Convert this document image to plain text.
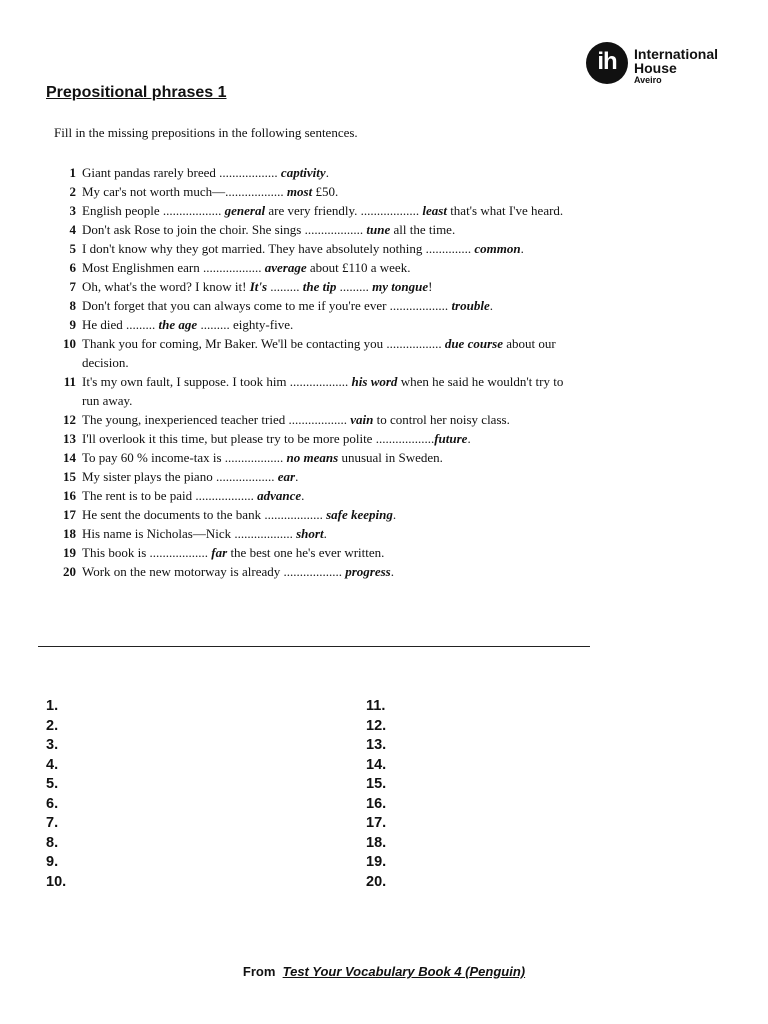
ih	International
House
Aveiro
Prepositional phrases 1

Fill in the missing prepositions in the following sentences.

1 Giant pandas rarely breed .................. captivity.
2 My car's not worth much—.................. most £50.
3 English people .................. general are very friendly. .................. least that's what I've heard.
4 Don't ask Rose to join the choir. She sings .................. tune all the time.
5 I don't know why they got married. They have absolutely nothing .............. common.
6 Most Englishmen earn .................. average about £110 a week.
7 Oh, what's the word? I know it! It's ......... the tip ......... my tongue!
8 Don't forget that you can always come to me if you're ever .................. trouble.
9 He died ......... the age ......... eighty-five.
10 Thank you for coming, Mr Baker. We'll be contacting you ................. due course about our decision.
11 It's my own fault, I suppose. I took him .................. his word when he said he wouldn't try to run away.
12 The young, inexperienced teacher tried .................. vain to control her noisy class.
13 I'll overlook it this time, but please try to be more polite ..................future.
14 To pay 60 % income-tax is .................. no means unusual in Sweden.
15 My sister plays the piano .................. ear.
16 The rent is to be paid .................. advance.
17 He sent the documents to the bank .................. safe keeping.
18 His name is Nicholas—Nick .................. short.
19 This book is .................. far the best one he's ever written.
20 Work on the new motorway is already .................. progress.
1.
2.
3.
4.
5.
6.
7.
8.
9.
10.
11.
12.
13.
14.
15.
16.
17.
18.
19.
20.
From Test Your Vocabulary Book 4 (Penguin)
